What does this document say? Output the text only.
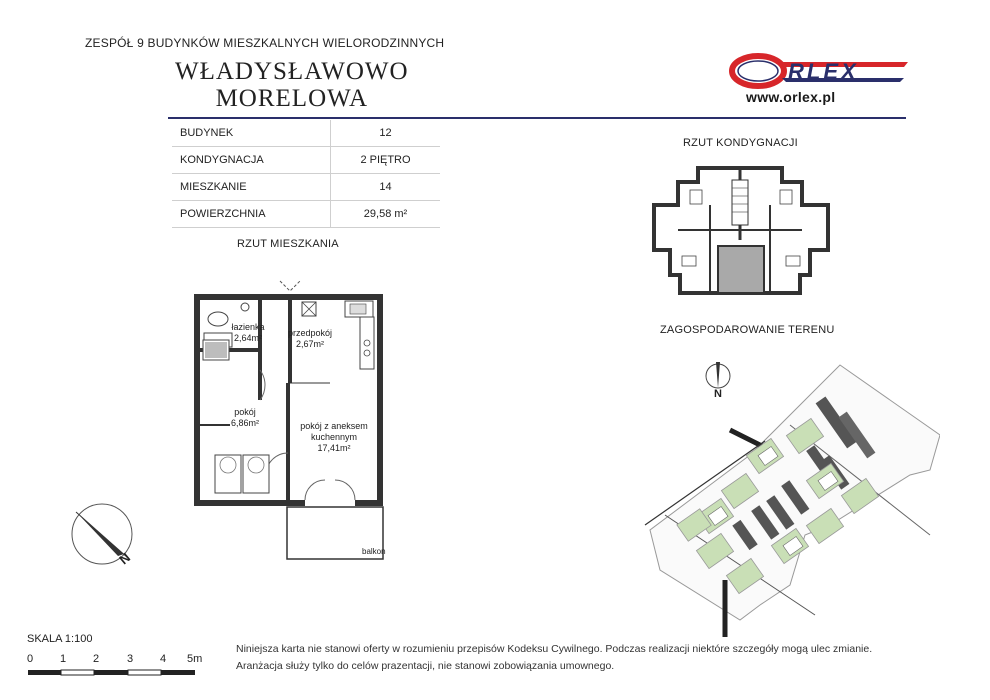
ZESPÓŁ 9 BUDYNKÓW MIESZKALNYCH WIELORODZINNYCH
WŁADYSŁAWOWO
MORELOWA
RLEX
www.orlex.pl
BUDYNEK	12
KONDYGNACJA	2 PIĘTRO
MIESZKANIE	14
POWIERZCHNIA	29,58 m²
RZUT MIESZKANIA
łazienka
2,64m²	przedpokój
2,67m²
pokój
6,86m²	pokój z aneksem kuchennym
17,41m²
balkon
N
RZUT KONDYGNACJI
ZAGOSPODAROWANIE TERENU
N
SKALA 1:100
0 1 2	3 4 5m
Niniejsza karta nie stanowi oferty w rozumieniu przepisów Kodeksu Cywilnego. Podczas realizacji niektóre szczegóły mogą ulec zmianie.
Aranżacja służy tylko do celów prazentacji, nie stanowi zobowiązania umownego.
